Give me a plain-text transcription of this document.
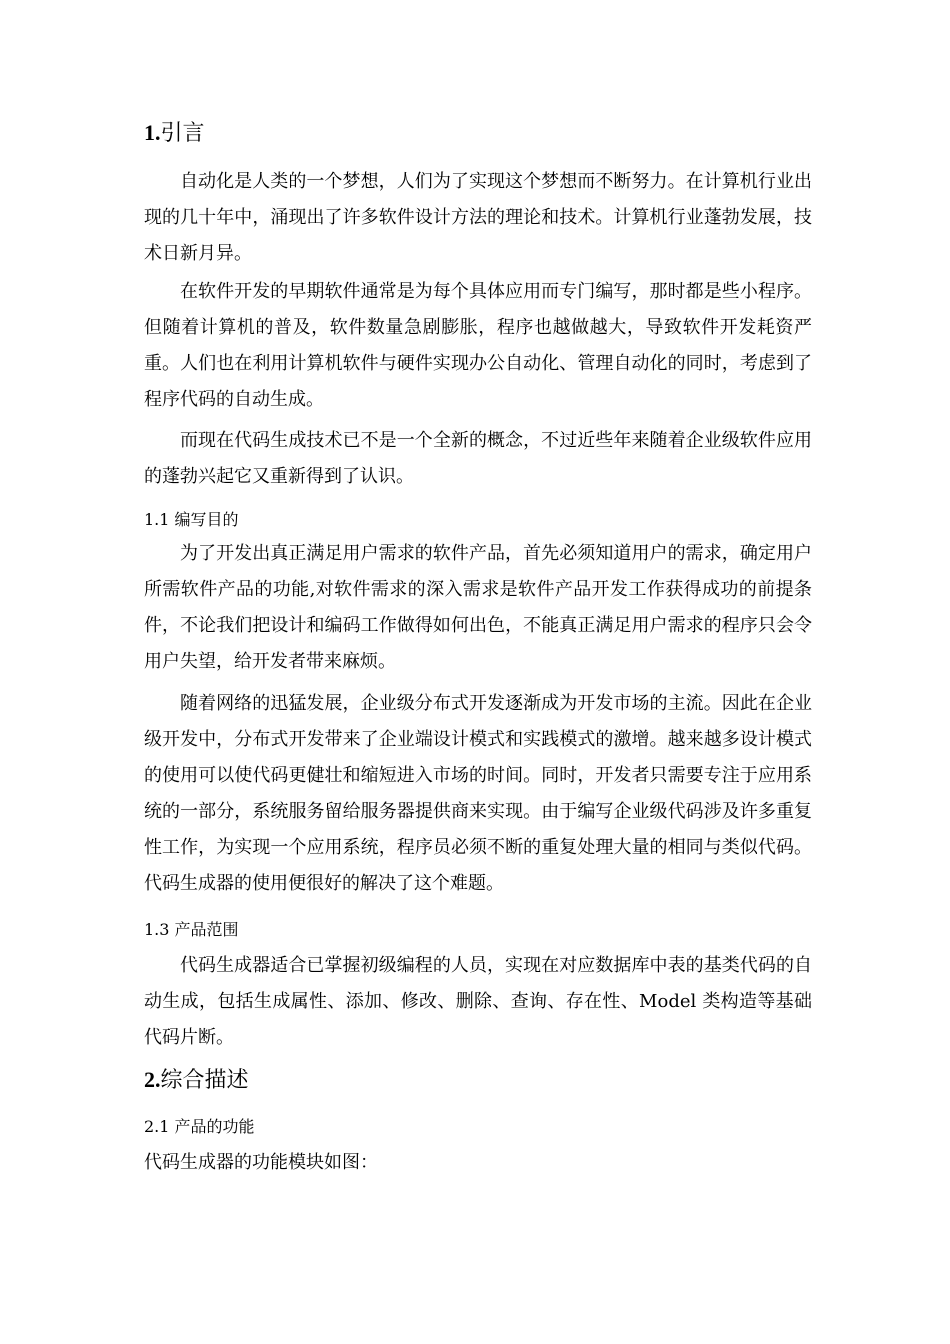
1.引言

自动化是人类的一个梦想，人们为了实现这个梦想而不断努力。在计算机行业出现的几十年中，涌现出了许多软件设计方法的理论和技术。计算机行业蓬勃发展，技术日新月异。

在软件开发的早期软件通常是为每个具体应用而专门编写，那时都是些小程序。但随着计算机的普及，软件数量急剧膨胀，程序也越做越大，导致软件开发耗资严重。人们也在利用计算机软件与硬件实现办公自动化、管理自动化的同时，考虑到了程序代码的自动生成。

而现在代码生成技术已不是一个全新的概念，不过近些年来随着企业级软件应用的蓬勃兴起它又重新得到了认识。

1.1 编写目的

为了开发出真正满足用户需求的软件产品，首先必须知道用户的需求，确定用户所需软件产品的功能,对软件需求的深入需求是软件产品开发工作获得成功的前提条件，不论我们把设计和编码工作做得如何出色，不能真正满足用户需求的程序只会令用户失望，给开发者带来麻烦。

随着网络的迅猛发展，企业级分布式开发逐渐成为开发市场的主流。因此在企业级开发中，分布式开发带来了企业端设计模式和实践模式的激增。越来越多设计模式的使用可以使代码更健壮和缩短进入市场的时间。同时，开发者只需要专注于应用系统的一部分，系统服务留给服务器提供商来实现。由于编写企业级代码涉及许多重复性工作，为实现一个应用系统，程序员必须不断的重复处理大量的相同与类似代码。代码生成器的使用便很好的解决了这个难题。

1.3 产品范围

代码生成器适合已掌握初级编程的人员，实现在对应数据库中表的基类代码的自动生成，包括生成属性、添加、修改、删除、查询、存在性、Model 类构造等基础代码片断。

2.综合描述

2.1 产品的功能

代码生成器的功能模块如图：
